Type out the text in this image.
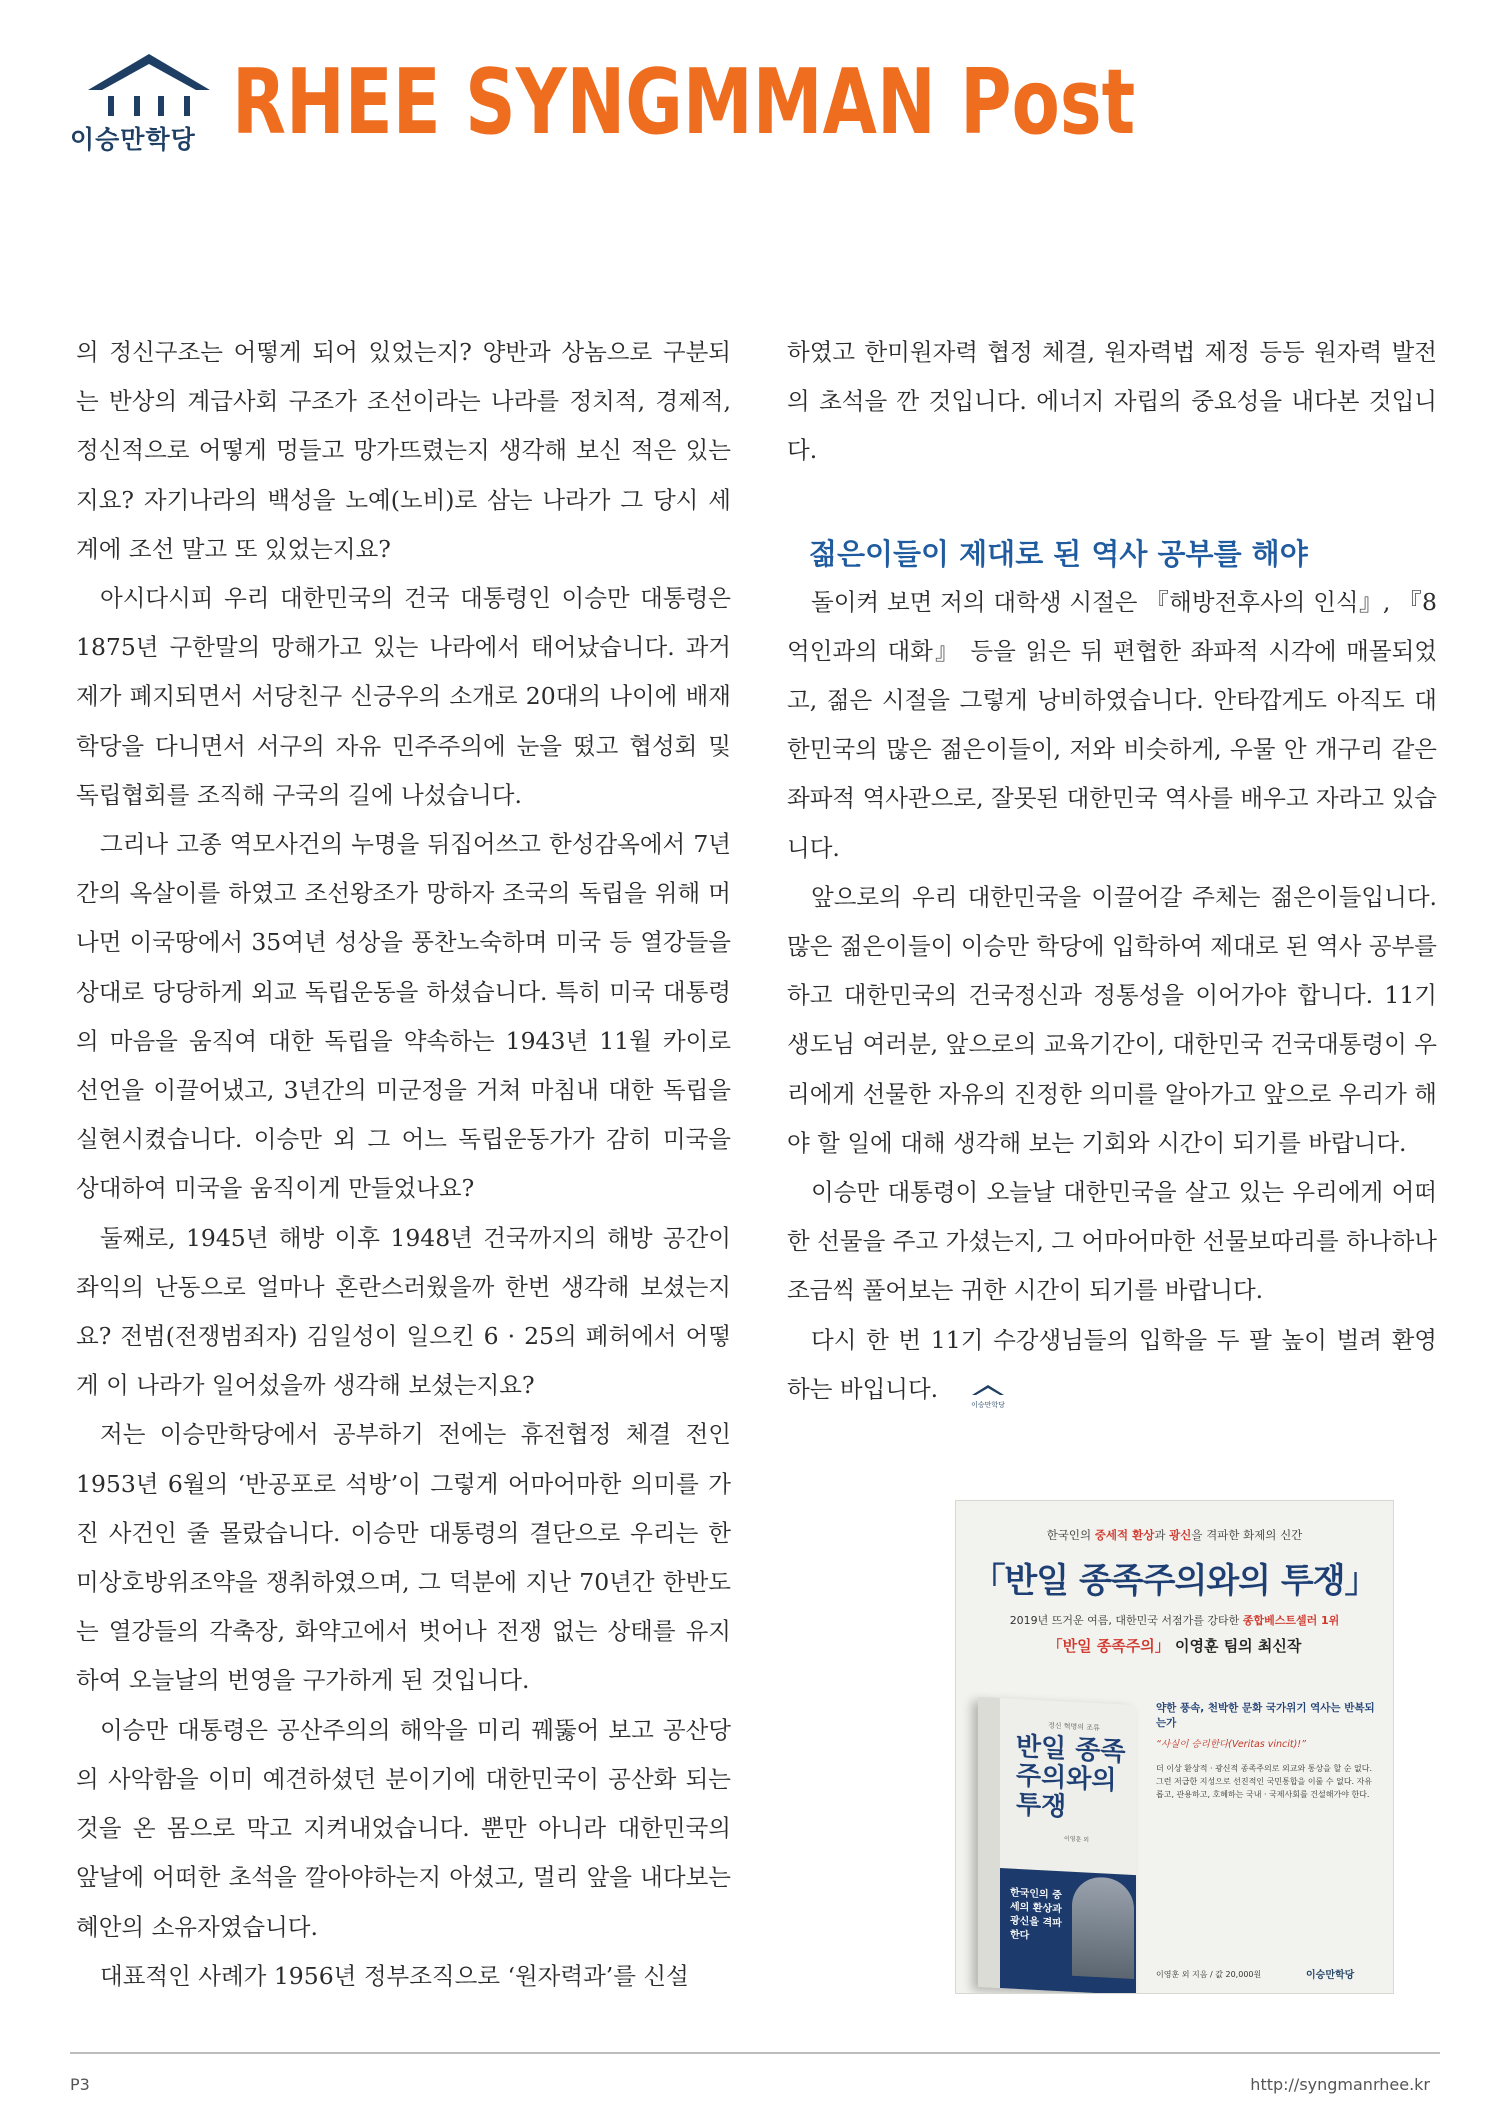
이승만학당 RHEE SYNGMMAN Post

의 정신구조는 어떻게 되어 있었는지? 양반과 상놈으로 구분되는 반상의 계급사회 구조가 조선이라는 나라를 정치적, 경제적, 정신적으로 어떻게 멍들고 망가뜨렸는지 생각해 보신 적은 있는지요? 자기나라의 백성을 노예(노비)로 삼는 나라가 그 당시 세계에 조선 말고 또 있었는지요?

아시다시피 우리 대한민국의 건국 대통령인 이승만 대통령은 1875년 구한말의 망해가고 있는 나라에서 태어났습니다. 과거제가 폐지되면서 서당친구 신긍우의 소개로 20대의 나이에 배재학당을 다니면서 서구의 자유 민주주의에 눈을 떴고 협성회 및 독립협회를 조직해 구국의 길에 나섰습니다.

그리나 고종 역모사건의 누명을 뒤집어쓰고 한성감옥에서 7년간의 옥살이를 하였고 조선왕조가 망하자 조국의 독립을 위해 머나먼 이국땅에서 35여년 성상을 풍찬노숙하며 미국 등 열강들을 상대로 당당하게 외교 독립운동을 하셨습니다. 특히 미국 대통령의 마음을 움직여 대한 독립을 약속하는 1943년 11월 카이로 선언을 이끌어냈고, 3년간의 미군정을 거쳐 마침내 대한 독립을 실현시켰습니다. 이승만 외 그 어느 독립운동가가 감히 미국을 상대하여 미국을 움직이게 만들었나요?

둘째로, 1945년 해방 이후 1948년 건국까지의 해방 공간이 좌익의 난동으로 얼마나 혼란스러웠을까 한번 생각해 보셨는지요? 전범(전쟁범죄자) 김일성이 일으킨 6 · 25의 폐허에서 어떻게 이 나라가 일어섰을까 생각해 보셨는지요?

저는 이승만학당에서 공부하기 전에는 휴전협정 체결 전인 1953년 6월의 ‘반공포로 석방’이 그렇게 어마어마한 의미를 가진 사건인 줄 몰랐습니다. 이승만 대통령의 결단으로 우리는 한미상호방위조약을 쟁취하였으며, 그 덕분에 지난 70년간 한반도는 열강들의 각축장, 화약고에서 벗어나 전쟁 없는 상태를 유지하여 오늘날의 번영을 구가하게 된 것입니다.

이승만 대통령은 공산주의의 해악을 미리 꿰뚫어 보고 공산당의 사악함을 이미 예견하셨던 분이기에 대한민국이 공산화 되는 것을 온 몸으로 막고 지켜내었습니다. 뿐만 아니라 대한민국의 앞날에 어떠한 초석을 깔아야하는지 아셨고, 멀리 앞을 내다보는 혜안의 소유자였습니다.

대표적인 사례가 1956년 정부조직으로 ‘원자력과’를 신설

하였고 한미원자력 협정 체결, 원자력법 제정 등등 원자력 발전의 초석을 깐 것입니다. 에너지 자립의 중요성을 내다본 것입니다.

젊은이들이 제대로 된 역사 공부를 해야

돌이켜 보면 저의 대학생 시절은 『해방전후사의 인식』, 『8억인과의 대화』 등을 읽은 뒤 편협한 좌파적 시각에 매몰되었고, 젊은 시절을 그렇게 낭비하였습니다. 안타깝게도 아직도 대한민국의 많은 젊은이들이, 저와 비슷하게, 우물 안 개구리 같은 좌파적 역사관으로, 잘못된 대한민국 역사를 배우고 자라고 있습니다.

앞으로의 우리 대한민국을 이끌어갈 주체는 젊은이들입니다. 많은 젊은이들이 이승만 학당에 입학하여 제대로 된 역사 공부를 하고 대한민국의 건국정신과 정통성을 이어가야 합니다. 11기 생도님 여러분, 앞으로의 교육기간이, 대한민국 건국대통령이 우리에게 선물한 자유의 진정한 의미를 알아가고 앞으로 우리가 해야 할 일에 대해 생각해 보는 기회와 시간이 되기를 바랍니다.

이승만 대통령이 오늘날 대한민국을 살고 있는 우리에게 어떠한 선물을 주고 가셨는지, 그 어마어마한 선물보따리를 하나하나 조금씩 풀어보는 귀한 시간이 되기를 바랍니다.

다시 한 번 11기 수강생님들의 입학을 두 팔 높이 벌려 환영하는 바입니다.
이승만학당

한국인의 중세적 환상과 광신을 격파한 화제의 신간
「반일 종족주의와의 투쟁」
2019년 뜨거운 여름, 대한민국 서점가를 강타한 종합베스트셀러 1위
「반일 종족주의」 이영훈 팀의 최신작
정신 혁명의 조류
반일 종족주의와의 투쟁
이영훈 외
한국인의 중세의 환상과 광신을 격파한다
약한 풍속, 천박한 문화 국가위기 역사는 반복되는가
“사실이 승리한다(Veritas vincit)!”
더 이상 환상적 · 광신적 종족주의로 외교와 통상을 할 순 없다. 그런 저급한 지성으로 선진적인 국민통합을 이룰 수 없다. 자유롭고, 관용하고, 호혜하는 국내 · 국제사회를 건설해가야 한다.
이영훈 외 지음 / 값 20,000원	이승만학당
P3	http://syngmanrhee.kr
